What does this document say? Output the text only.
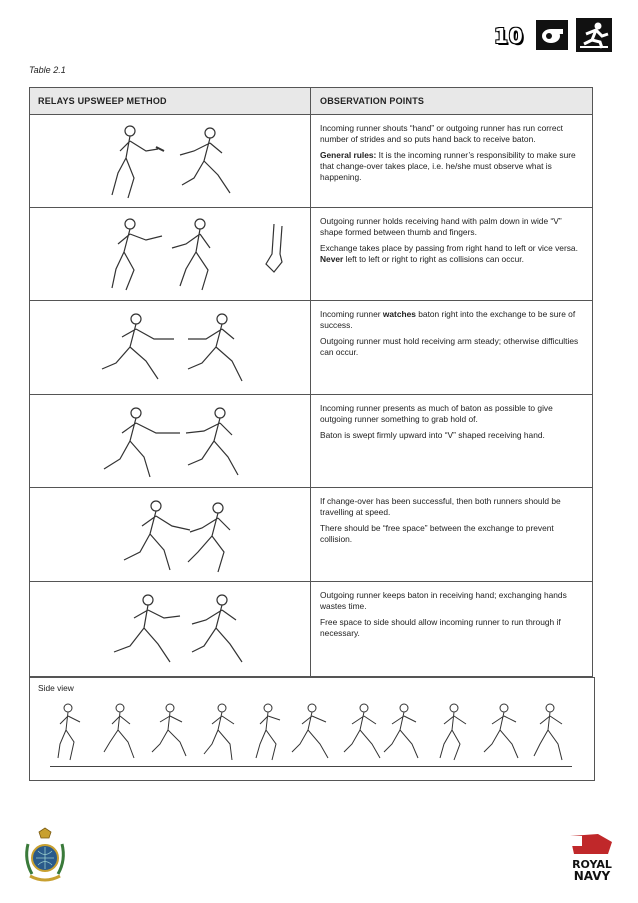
10
Table 2.1
RELAYS UPSWEEP METHOD	OBSERVATION POINTS

Incoming runner shouts “hand” or outgoing runner has run correct number of strides and so puts hand back to receive baton.

General rules: It is the incoming runner’s responsibility to make sure that change-over takes place, i.e. he/she must observe what is happening.

Outgoing runner holds receiving hand with palm down in wide “V” shape formed between thumb and fingers.

Exchange takes place by passing from right hand to left or vice versa. Never left to left or right to right as collisions can occur.

Incoming runner watches baton right into the exchange to be sure of success.

Outgoing runner must hold receiving arm steady; otherwise difficulties can occur.

Incoming runner presents as much of baton as possible to give outgoing runner something to grab hold of.

Baton is swept firmly upward into “V” shaped receiving hand.

If change-over has been successful, then both runners should be travelling at speed.

There should be “free space” between the exchange to prevent collision.

Outgoing runner keeps baton in receiving hand; exchanging hands wastes time.

Free space to side should allow incoming runner to run through if necessary.

Side view
ROYAL
NAVY
